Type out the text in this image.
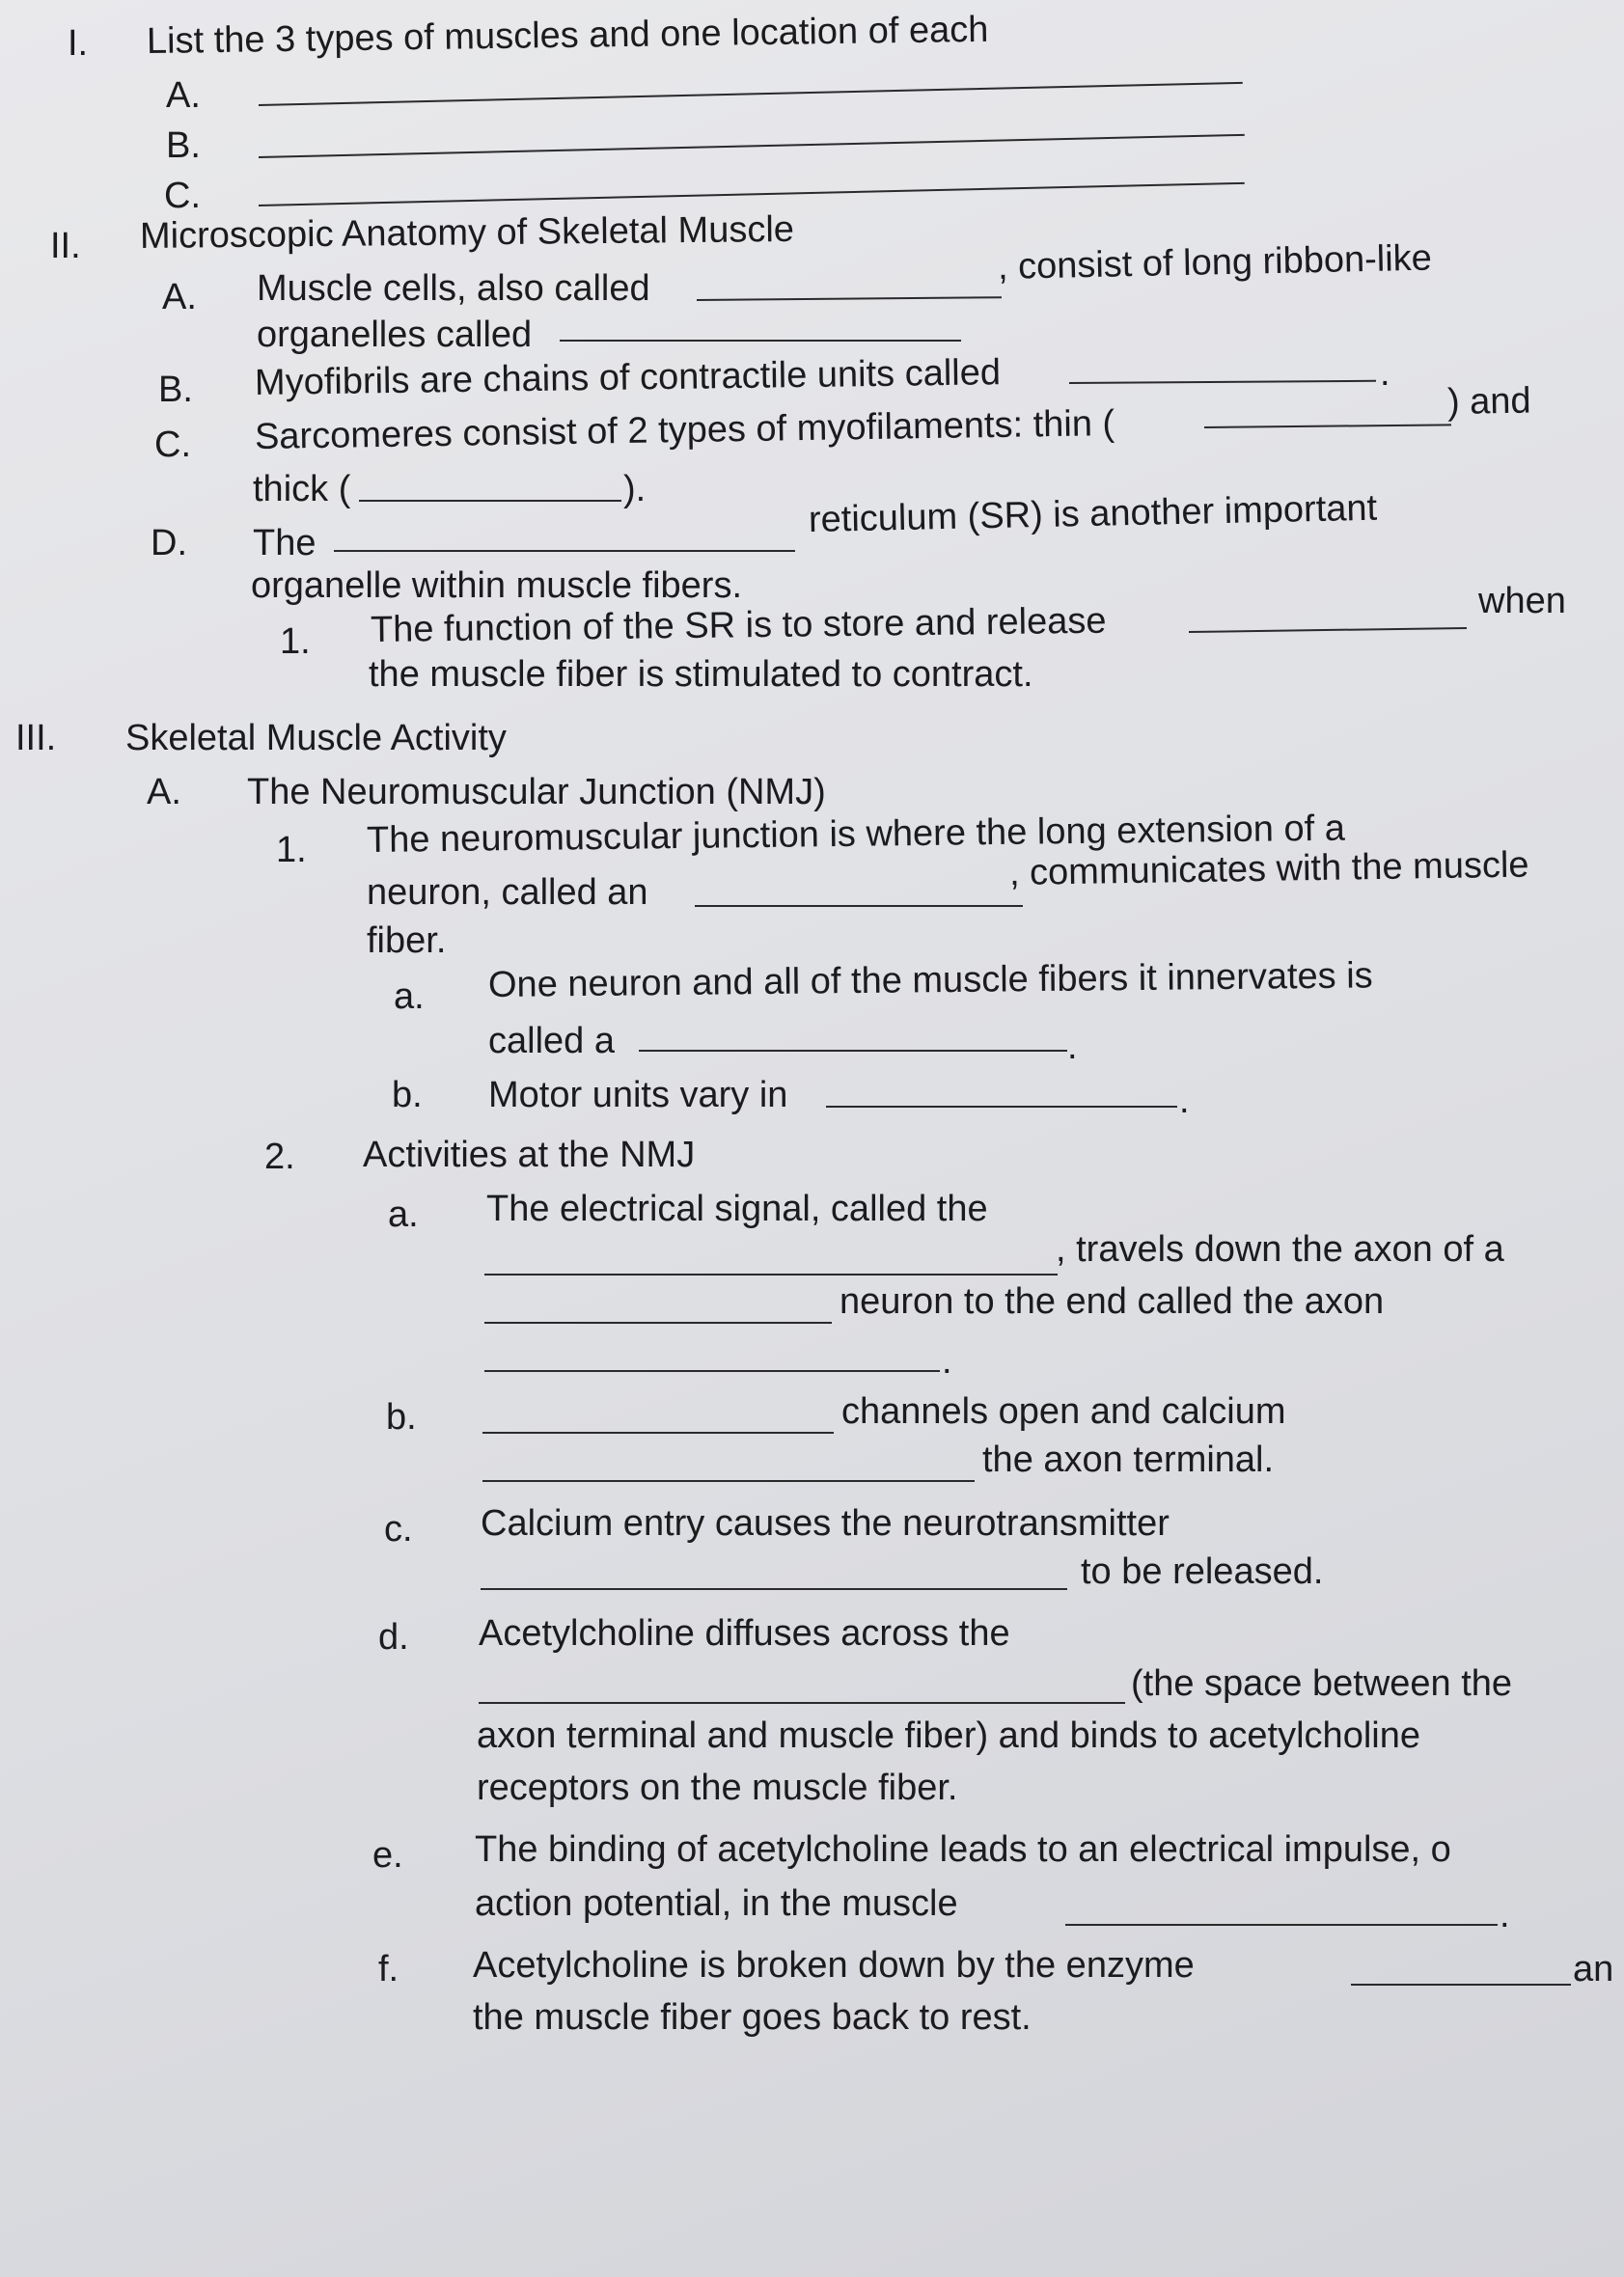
I. List the 3 types of muscles and one location of each
A.
B.
C.
II. Microscopic Anatomy of Skeletal Muscle
A. Muscle cells, also called
, consist of long ribbon-like
organelles called
B. Myofibrils are chains of contractile units called	.
C. Sarcomeres consist of 2 types of myofilaments: thin (
) and
thick (	).
D. The
reticulum (SR) is another important
organelle within muscle fibers.
1. The function of the SR is to store and release	when
the muscle fiber is stimulated to contract.
III. Skeletal Muscle Activity
A. The Neuromuscular Junction (NMJ)
1. The neuromuscular junction is where the long extension of a
neuron, called an	, communicates with the muscle
fiber.
a. One neuron and all of the muscle fibers it innervates is
called a	.
b. Motor units vary in	.
2. Activities at the NMJ
a. The electrical signal, called the
, travels down the axon of a
neuron to the end called the axon
.
b.	channels open and calcium
the axon terminal.
c. Calcium entry causes the neurotransmitter
to be released.
d. Acetylcholine diffuses across the
(the space between the
axon terminal and muscle fiber) and binds to acetylcholine
receptors on the muscle fiber.
e. The binding of acetylcholine leads to an electrical impulse, o
action potential, in the muscle	.
f. Acetylcholine is broken down by the enzyme	an
the muscle fiber goes back to rest.
